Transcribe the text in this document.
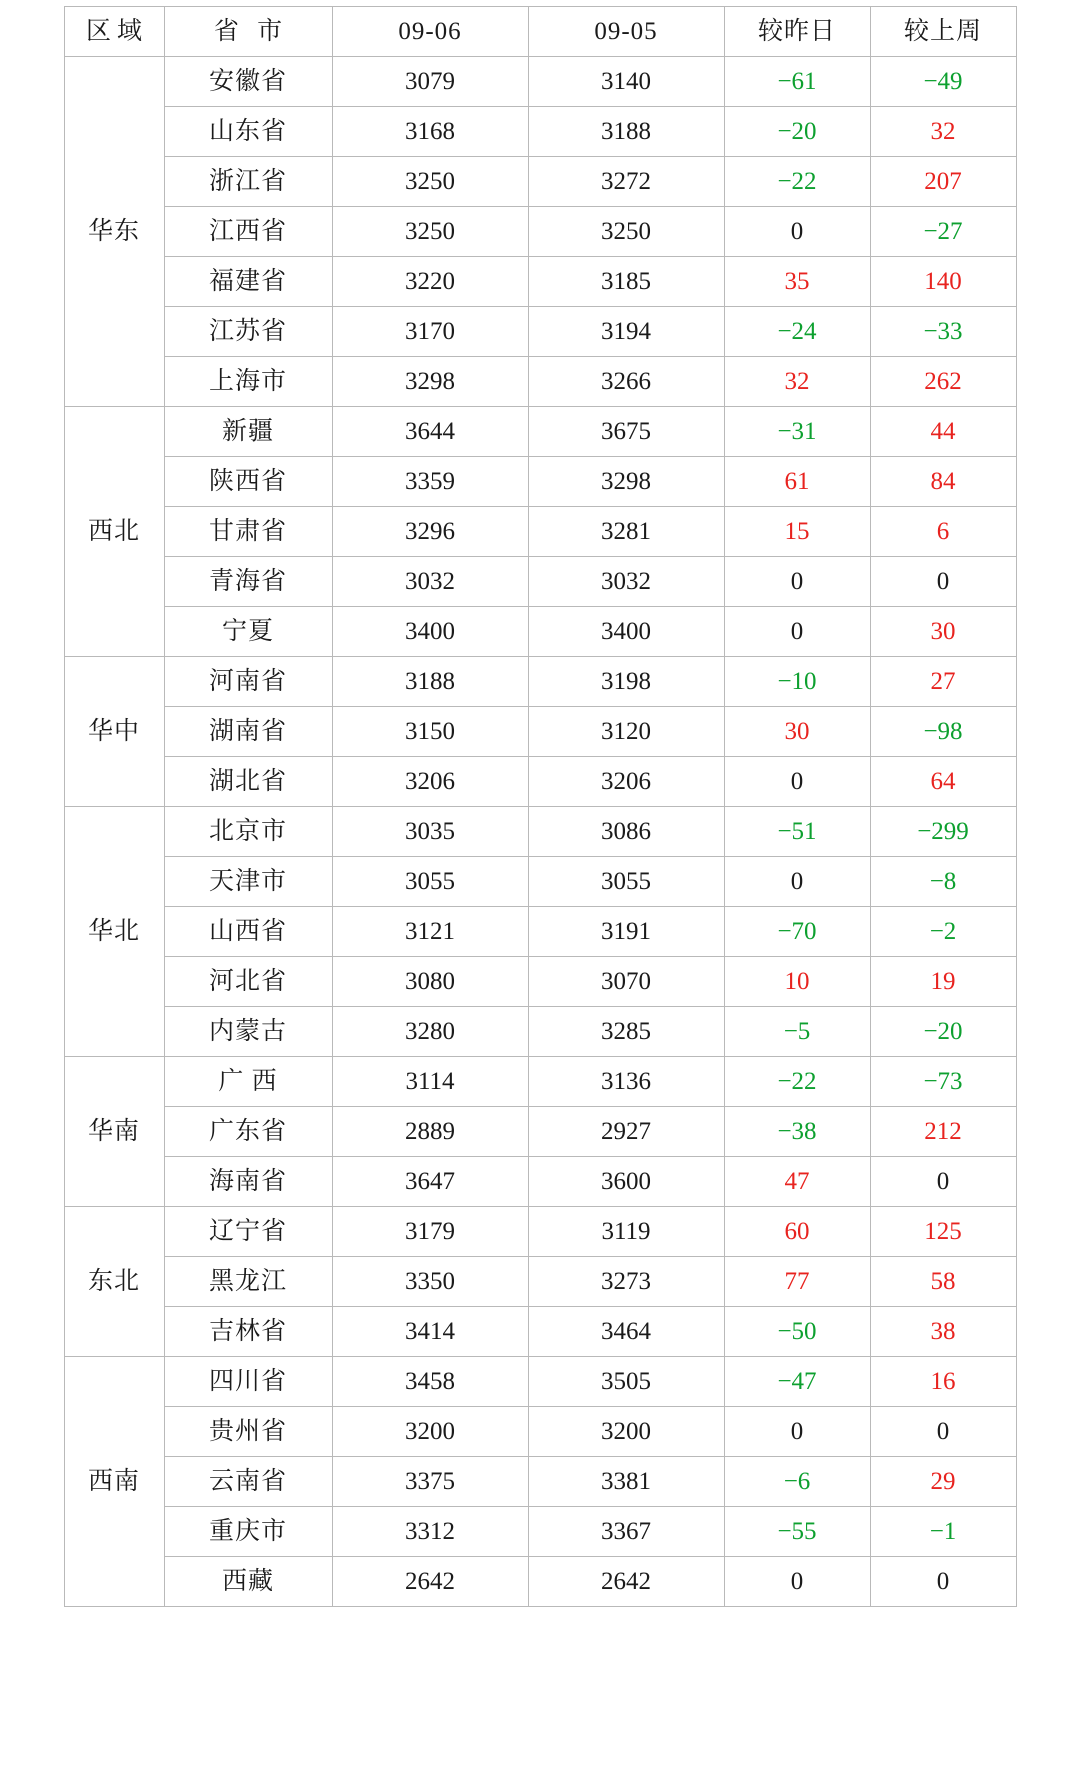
区域	省 市	09-06	09-05	较昨日	较上周
华东	安徽省	3079	3140	−61	−49
	山东省	3168	3188	−20	32
	浙江省	3250	3272	−22	207
	江西省	3250	3250	0	−27
	福建省	3220	3185	35	140
	江苏省	3170	3194	−24	−33
	上海市	3298	3266	32	262
西北	新疆	3644	3675	−31	44
	陕西省	3359	3298	61	84
	甘肃省	3296	3281	15	6
	青海省	3032	3032	0	0
	宁夏	3400	3400	0	30
华中	河南省	3188	3198	−10	27
	湖南省	3150	3120	30	−98
	湖北省	3206	3206	0	64
华北	北京市	3035	3086	−51	−299
	天津市	3055	3055	0	−8
	山西省	3121	3191	−70	−2
	河北省	3080	3070	10	19
	内蒙古	3280	3285	−5	−20
华南	广 西	3114	3136	−22	−73
	广东省	2889	2927	−38	212
	海南省	3647	3600	47	0
东北	辽宁省	3179	3119	60	125
	黑龙江	3350	3273	77	58
	吉林省	3414	3464	−50	38
西南	四川省	3458	3505	−47	16
	贵州省	3200	3200	0	0
	云南省	3375	3381	−6	29
	重庆市	3312	3367	−55	−1
	西藏	2642	2642	0	0
